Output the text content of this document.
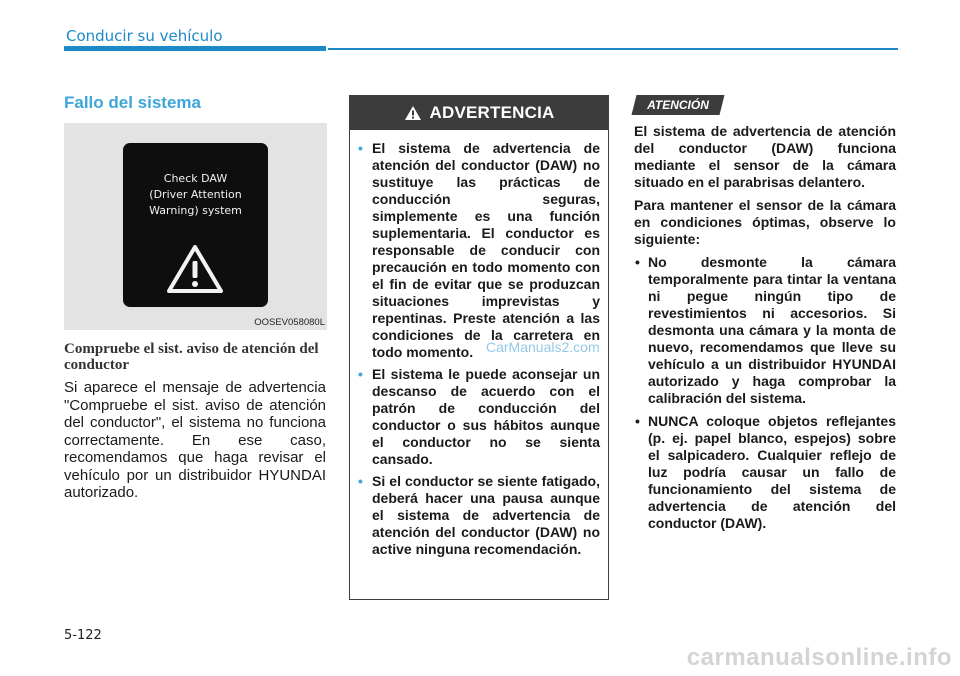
Conducir su vehículo
Fallo del sistema
Check DAW
(Driver Attention
Warning) system
OOSEV058080L
Compruebe el sist. aviso de atención del conductor
Si aparece el mensaje de advertencia "Compruebe el sist. aviso de atención del conductor", el sistema no funciona correctamente. En ese caso, recomendamos que haga revisar el vehículo por un distribuidor HYUNDAI autorizado.
ADVERTENCIA
• El sistema de advertencia de atención del conductor (DAW) no sustituye las prácticas de conducción seguras, simplemente es una función suplementaria. El conductor es responsable de conducir con precaución en todo momento con el fin de evitar que se produzcan situaciones imprevistas y repentinas. Preste atención a las condiciones de la carretera en todo momento.
• El sistema le puede aconsejar un descanso de acuerdo con el patrón de conducción del conductor o sus hábitos aunque el conductor no se sienta cansado.
• Si el conductor se siente fatigado, deberá hacer una pausa aunque el sistema de advertencia de atención del conductor (DAW) no active ninguna recomendación.
ATENCIÓN

El sistema de advertencia de atención del conductor (DAW) funciona mediante el sensor de la cámara situado en el parabrisas delantero.

Para mantener el sensor de la cámara en condiciones óptimas, observe lo siguiente:

• No desmonte la cámara temporalmente para tintar la ventana ni pegue ningún tipo de revestimientos ni accesorios. Si desmonta una cámara y la monta de nuevo, recomendamos que lleve su vehículo a un distribuidor HYUNDAI autorizado y haga comprobar la calibración del sistema.
• NUNCA coloque objetos reflejantes (p. ej. papel blanco, espejos) sobre el salpicadero. Cualquier reflejo de luz podría causar un fallo de funcionamiento del sistema de advertencia de atención del conductor (DAW).
5-122
CarManuals2.com
carmanualsonline.info
